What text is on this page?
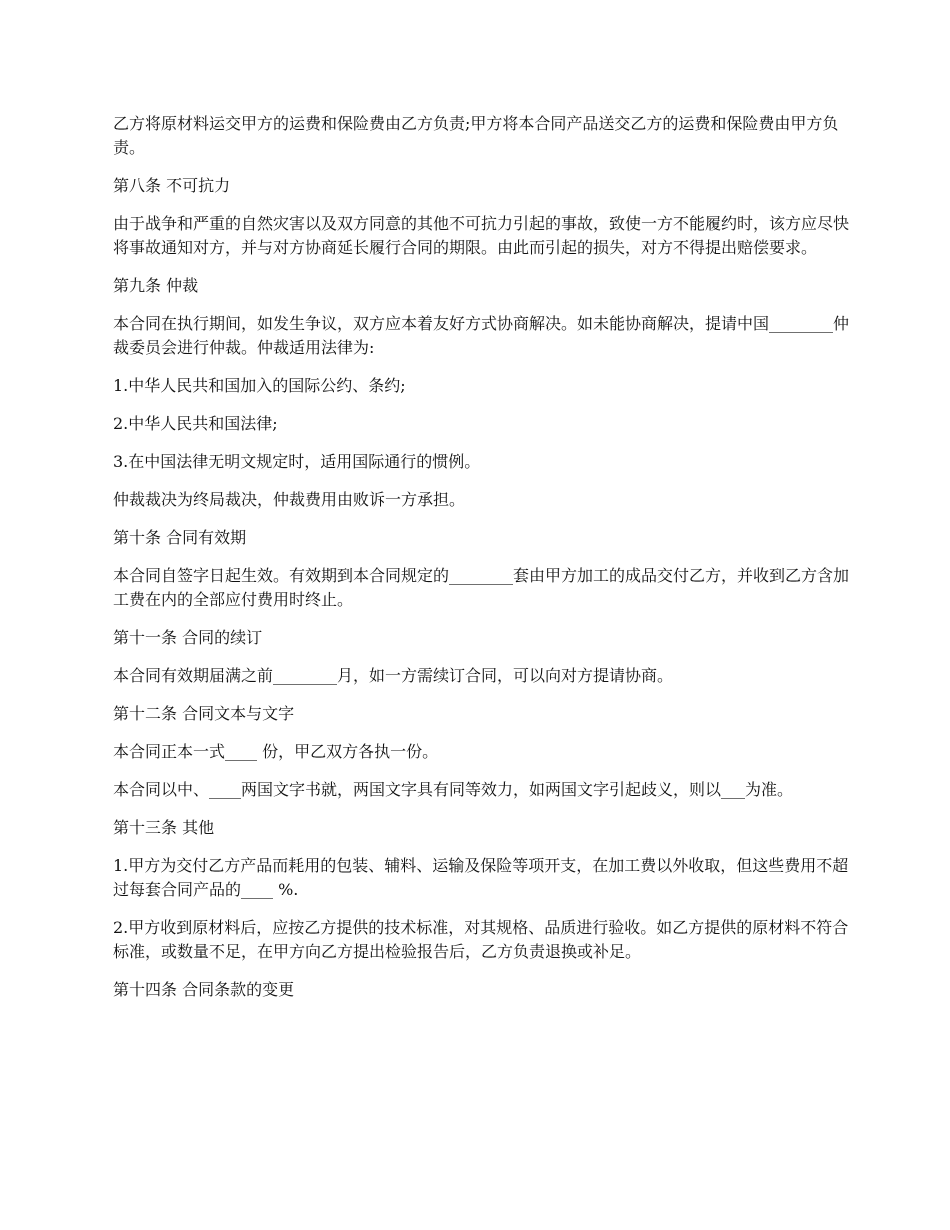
乙方将原材料运交甲方的运费和保险费由乙方负责;甲方将本合同产品送交乙方的运费和保险费由甲方负责。

第八条 不可抗力

由于战争和严重的自然灾害以及双方同意的其他不可抗力引起的事故，致使一方不能履约时，该方应尽快将事故通知对方，并与对方协商延长履行合同的期限。由此而引起的损失，对方不得提出赔偿要求。

第九条 仲裁

本合同在执行期间，如发生争议，双方应本着友好方式协商解决。如未能协商解决，提请中国________仲裁委员会进行仲裁。仲裁适用法律为:

1.中华人民共和国加入的国际公约、条约;

2.中华人民共和国法律;

3.在中国法律无明文规定时，适用国际通行的惯例。

仲裁裁决为终局裁决，仲裁费用由败诉一方承担。

第十条 合同有效期

本合同自签字日起生效。有效期到本合同规定的________套由甲方加工的成品交付乙方，并收到乙方含加工费在内的全部应付费用时终止。

第十一条 合同的续订

本合同有效期届满之前________月，如一方需续订合同，可以向对方提请协商。

第十二条 合同文本与文字

本合同正本一式____ 份，甲乙双方各执一份。

本合同以中、____两国文字书就，两国文字具有同等效力，如两国文字引起歧义，则以___为准。

第十三条 其他

1.甲方为交付乙方产品而耗用的包装、辅料、运输及保险等项开支，在加工费以外收取，但这些费用不超过每套合同产品的____ %.

2.甲方收到原材料后，应按乙方提供的技术标准，对其规格、品质进行验收。如乙方提供的原材料不符合标准，或数量不足，在甲方向乙方提出检验报告后，乙方负责退换或补足。

第十四条 合同条款的变更
